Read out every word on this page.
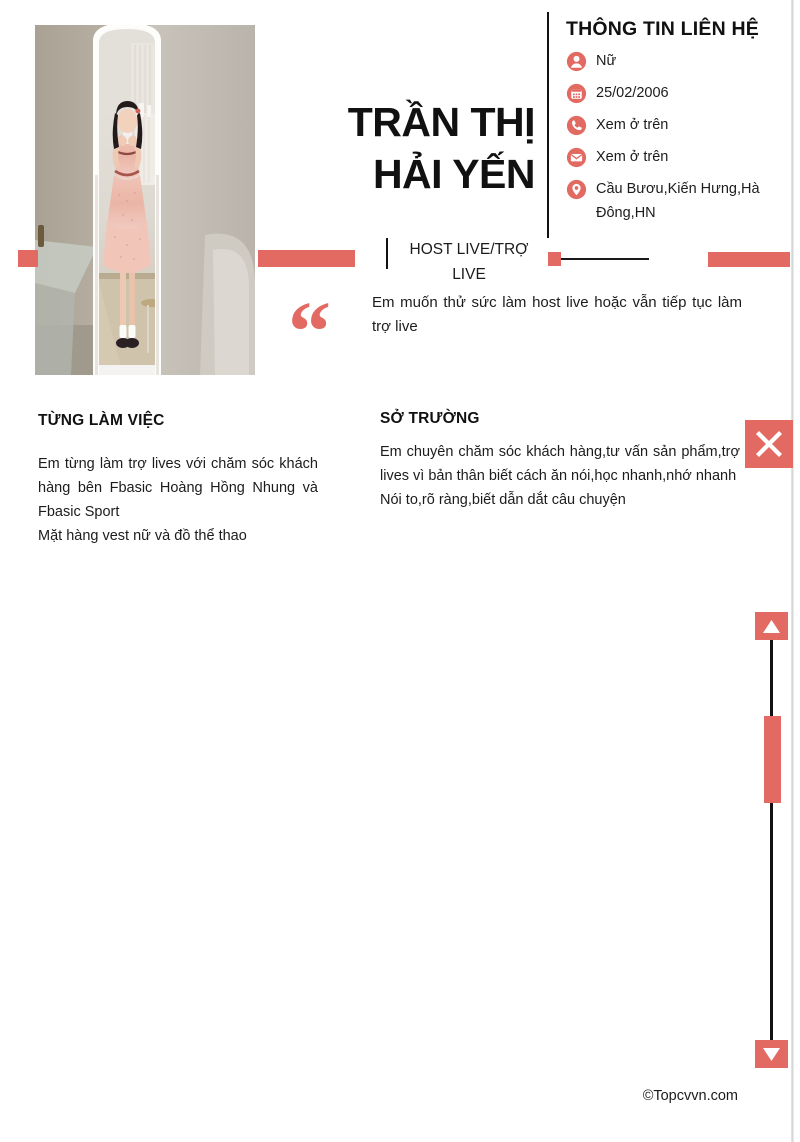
TRẦN THỊ
HẢI YẾN
THÔNG TIN LIÊN HỆ
Nữ
25/02/2006
Xem ở trên
Xem ở trên
Cầu Bươu,Kiến Hưng,Hà Đông,HN
HOST LIVE/TRỢ LIVE
“	Em muốn thử sức làm host live hoặc vẫn tiếp tục làm trợ live
TỪNG LÀM VIỆC
Em từng làm trợ lives với chăm sóc khách hàng bên Fbasic Hoàng Hồng Nhung và Fbasic Sport
Mặt hàng vest nữ và đồ thể thao
SỞ TRƯỜNG
Em chuyên chăm sóc khách hàng,tư vấn sản phẩm,trợ lives vì bản thân biết cách ăn nói,học nhanh,nhớ nhanh
Nói to,rõ ràng,biết dẫn dắt câu chuyện
©Topcvvn.com
